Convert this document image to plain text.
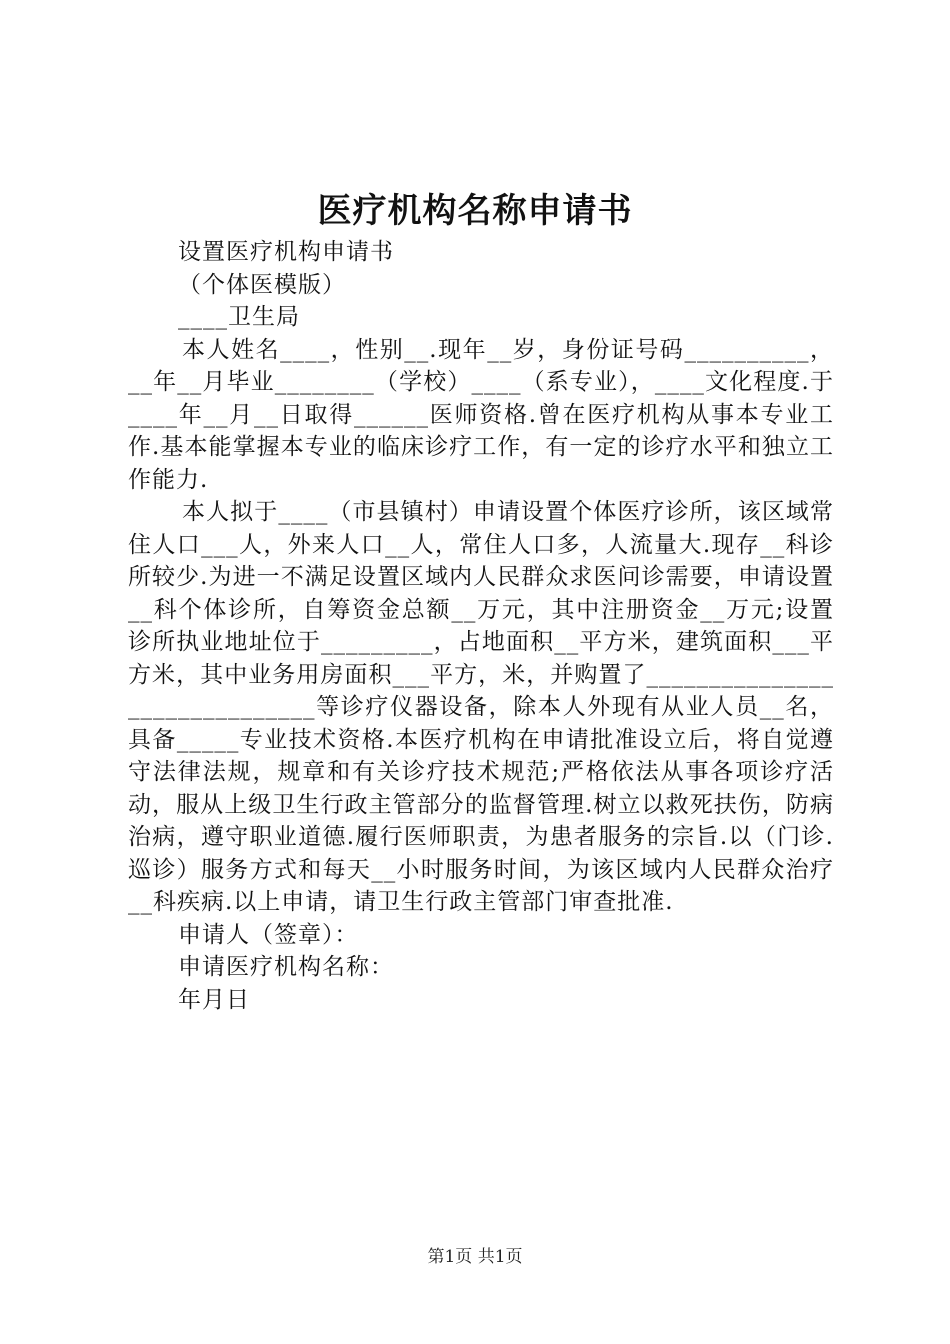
医疗机构名称申请书
设置医疗机构申请书
（个体医模版）
____卫生局

本人姓名____，性别__.现年__岁，身份证号码__________，__年__月毕业________（学校）____（系专业），____文化程度.于____年__月__日取得______医师资格.曾在医疗机构从事本专业工作.基本能掌握本专业的临床诊疗工作，有一定的诊疗水平和独立工作能力.

本人拟于____（市县镇村）申请设置个体医疗诊所，该区域常住人口___人，外来人口__人，常住人口多，人流量大.现存__科诊所较少.为进一不满足设置区域内人民群众求医问诊需要，申请设置__科个体诊所，自筹资金总额__万元，其中注册资金__万元;设置诊所执业地址位于_________，占地面积__平方米，建筑面积___平方米，其中业务用房面积___平方，米，并购置了______________________________等诊疗仪器设备，除本人外现有从业人员__名，具备_____专业技术资格.本医疗机构在申请批准设立后，将自觉遵守法律法规，规章和有关诊疗技术规范;严格依法从事各项诊疗活动，服从上级卫生行政主管部分的监督管理.树立以救死扶伤，防病治病，遵守职业道德.履行医师职责，为患者服务的宗旨.以（门诊.巡诊）服务方式和每天__小时服务时间，为该区域内人民群众治疗__科疾病.以上申请，请卫生行政主管部门审查批准.

申请人（签章）：
申请医疗机构名称：
年月日
第1页 共1页
